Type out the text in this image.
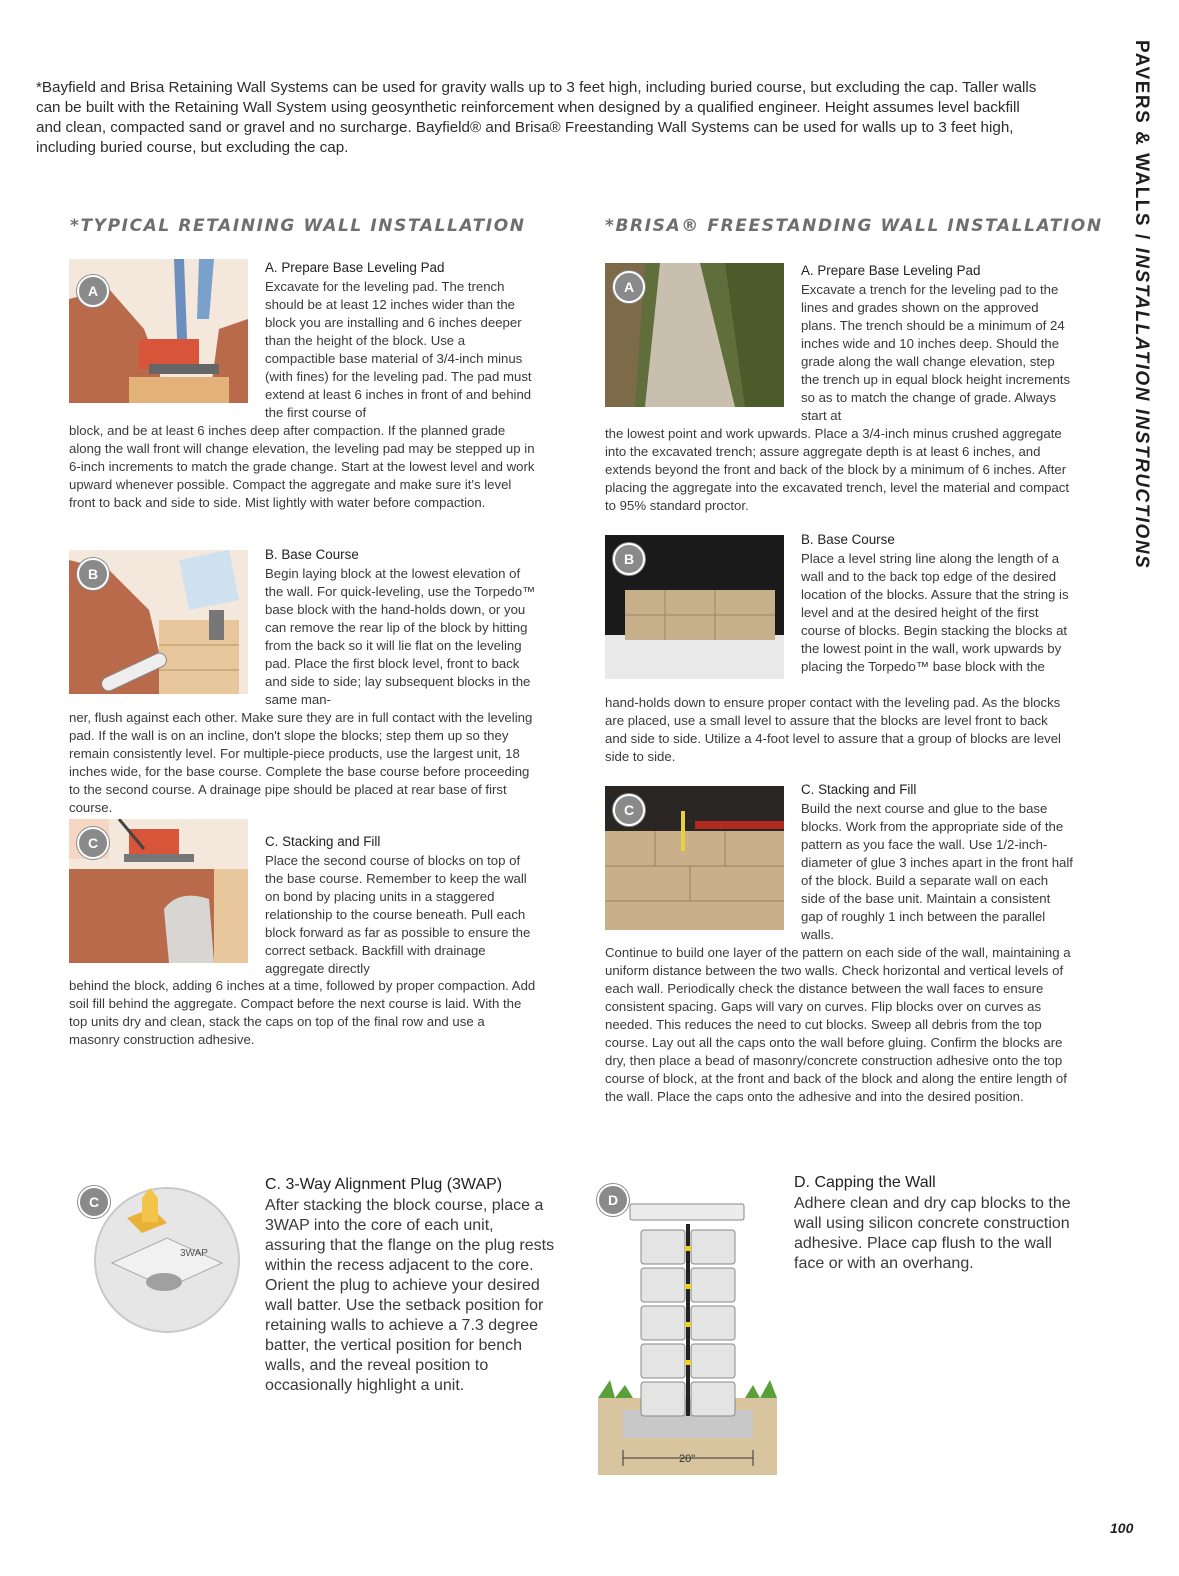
*Bayfield and Brisa Retaining Wall Systems can be used for gravity walls up to 3 feet high, including buried course, but excluding the cap. Taller walls can be built with the Retaining Wall System using geosynthetic reinforcement when designed by a qualified engineer. Height assumes level backfill and clean, compacted sand or gravel and no surcharge. Bayfield® and Brisa® Freestanding Wall Systems can be used for walls up to 3 feet high, including buried course, but excluding the cap.	PAVERS & WALLS / INSTALLATION INSTRUCTIONS
*TYPICAL RETAINING WALL INSTALLATION
A

A. Prepare Base Leveling Pad

Excavate for the leveling pad. The trench should be at least 12 inches wider than the block you are installing and 6 inches deeper than the height of the block. Use a compactible base material of 3/4-inch minus (with fines) for the leveling pad. The pad must extend at least 6 inches in front of and behind the first course of

block, and be at least 6 inches deep after compaction. If the planned grade along the wall front will change elevation, the leveling pad may be stepped up in 6-inch increments to match the grade change. Start at the lowest level and work upward whenever possible. Compact the aggregate and make sure it's level front to back and side to side. Mist lightly with water before compaction.

B

B. Base Course

Begin laying block at the lowest elevation of the wall. For quick-leveling, use the Torpedo™ base block with the hand-holds down, or you can remove the rear lip of the block by hitting from the back so it will lie flat on the leveling pad. Place the first block level, front to back and side to side; lay subsequent blocks in the same man-

ner, flush against each other. Make sure they are in full contact with the leveling pad. If the wall is on an incline, don't slope the blocks; step them up so they remain consistently level. For multiple-piece products, use the largest unit, 18 inches wide, for the base course. Complete the base course before proceeding to the second course. A drainage pipe should be placed at rear base of first course.

C	C. Stacking and Fill

Place the second course of blocks on top of the base course. Remember to keep the wall on bond by placing units in a staggered relationship to the course beneath. Pull each block forward as far as possible to ensure the correct setback. Backfill with drainage aggregate directly

behind the block, adding 6 inches at a time, followed by proper compaction. Add soil fill behind the aggregate. Compact before the next course is laid. With the top units dry and clean, stack the caps on top of the final row and use a masonry construction adhesive.

3WAP
C

C. 3-Way Alignment Plug (3WAP)

After stacking the block course, place a 3WAP into the core of each unit, assuring that the flange on the plug rests within the recess adjacent to the core. Orient the plug to achieve your desired wall batter. Use the setback position for retaining walls to achieve a 7.3 degree batter, the vertical position for bench walls, and the reveal position to occasionally highlight a unit.

*BRISA® FREESTANDING WALL INSTALLATION
A

A. Prepare Base Leveling Pad

Excavate a trench for the leveling pad to the lines and grades shown on the approved plans. The trench should be a minimum of 24 inches wide and 10 inches deep. Should the grade along the wall change elevation, step the trench up in equal block height increments so as to match the change of grade. Always start at

the lowest point and work upwards. Place a 3/4-inch minus crushed aggregate into the excavated trench; assure aggregate depth is at least 6 inches, and extends beyond the front and back of the block by a minimum of 6 inches. After placing the aggregate into the excavated trench, level the material and compact to 95% standard proctor.

B

B. Base Course

Place a level string line along the length of a wall and to the back top edge of the desired location of the blocks. Assure that the string is level and at the desired height of the first course of blocks. Begin stacking the blocks at the lowest point in the wall, work upwards by placing the Torpedo™ base block with the

hand-holds down to ensure proper contact with the leveling pad. As the blocks are placed, use a small level to assure that the blocks are level front to back and side to side. Utilize a 4-foot level to assure that a group of blocks are level side to side.

C

C. Stacking and Fill

Build the next course and glue to the base blocks. Work from the appropriate side of the pattern as you face the wall. Use 1/2-inch-diameter of glue 3 inches apart in the front half of the block. Build a separate wall on each side of the base unit. Maintain a consistent gap of roughly 1 inch between the parallel walls.

Continue to build one layer of the pattern on each side of the wall, maintaining a uniform distance between the two walls. Check horizontal and vertical levels of each wall. Periodically check the distance between the wall faces to ensure consistent spacing. Gaps will vary on curves. Flip blocks over on curves as needed. This reduces the need to cut blocks. Sweep all debris from the top course. Lay out all the caps onto the wall before gluing. Confirm the blocks are dry, then place a bead of masonry/concrete construction adhesive onto the top course of block, at the front and back of the block and along the entire length of the wall. Place the caps onto the adhesive and into the desired position.

20"
D

D. Capping the Wall

Adhere clean and dry cap blocks to the wall using silicon concrete construction adhesive. Place cap flush to the wall face or with an overhang.

100
